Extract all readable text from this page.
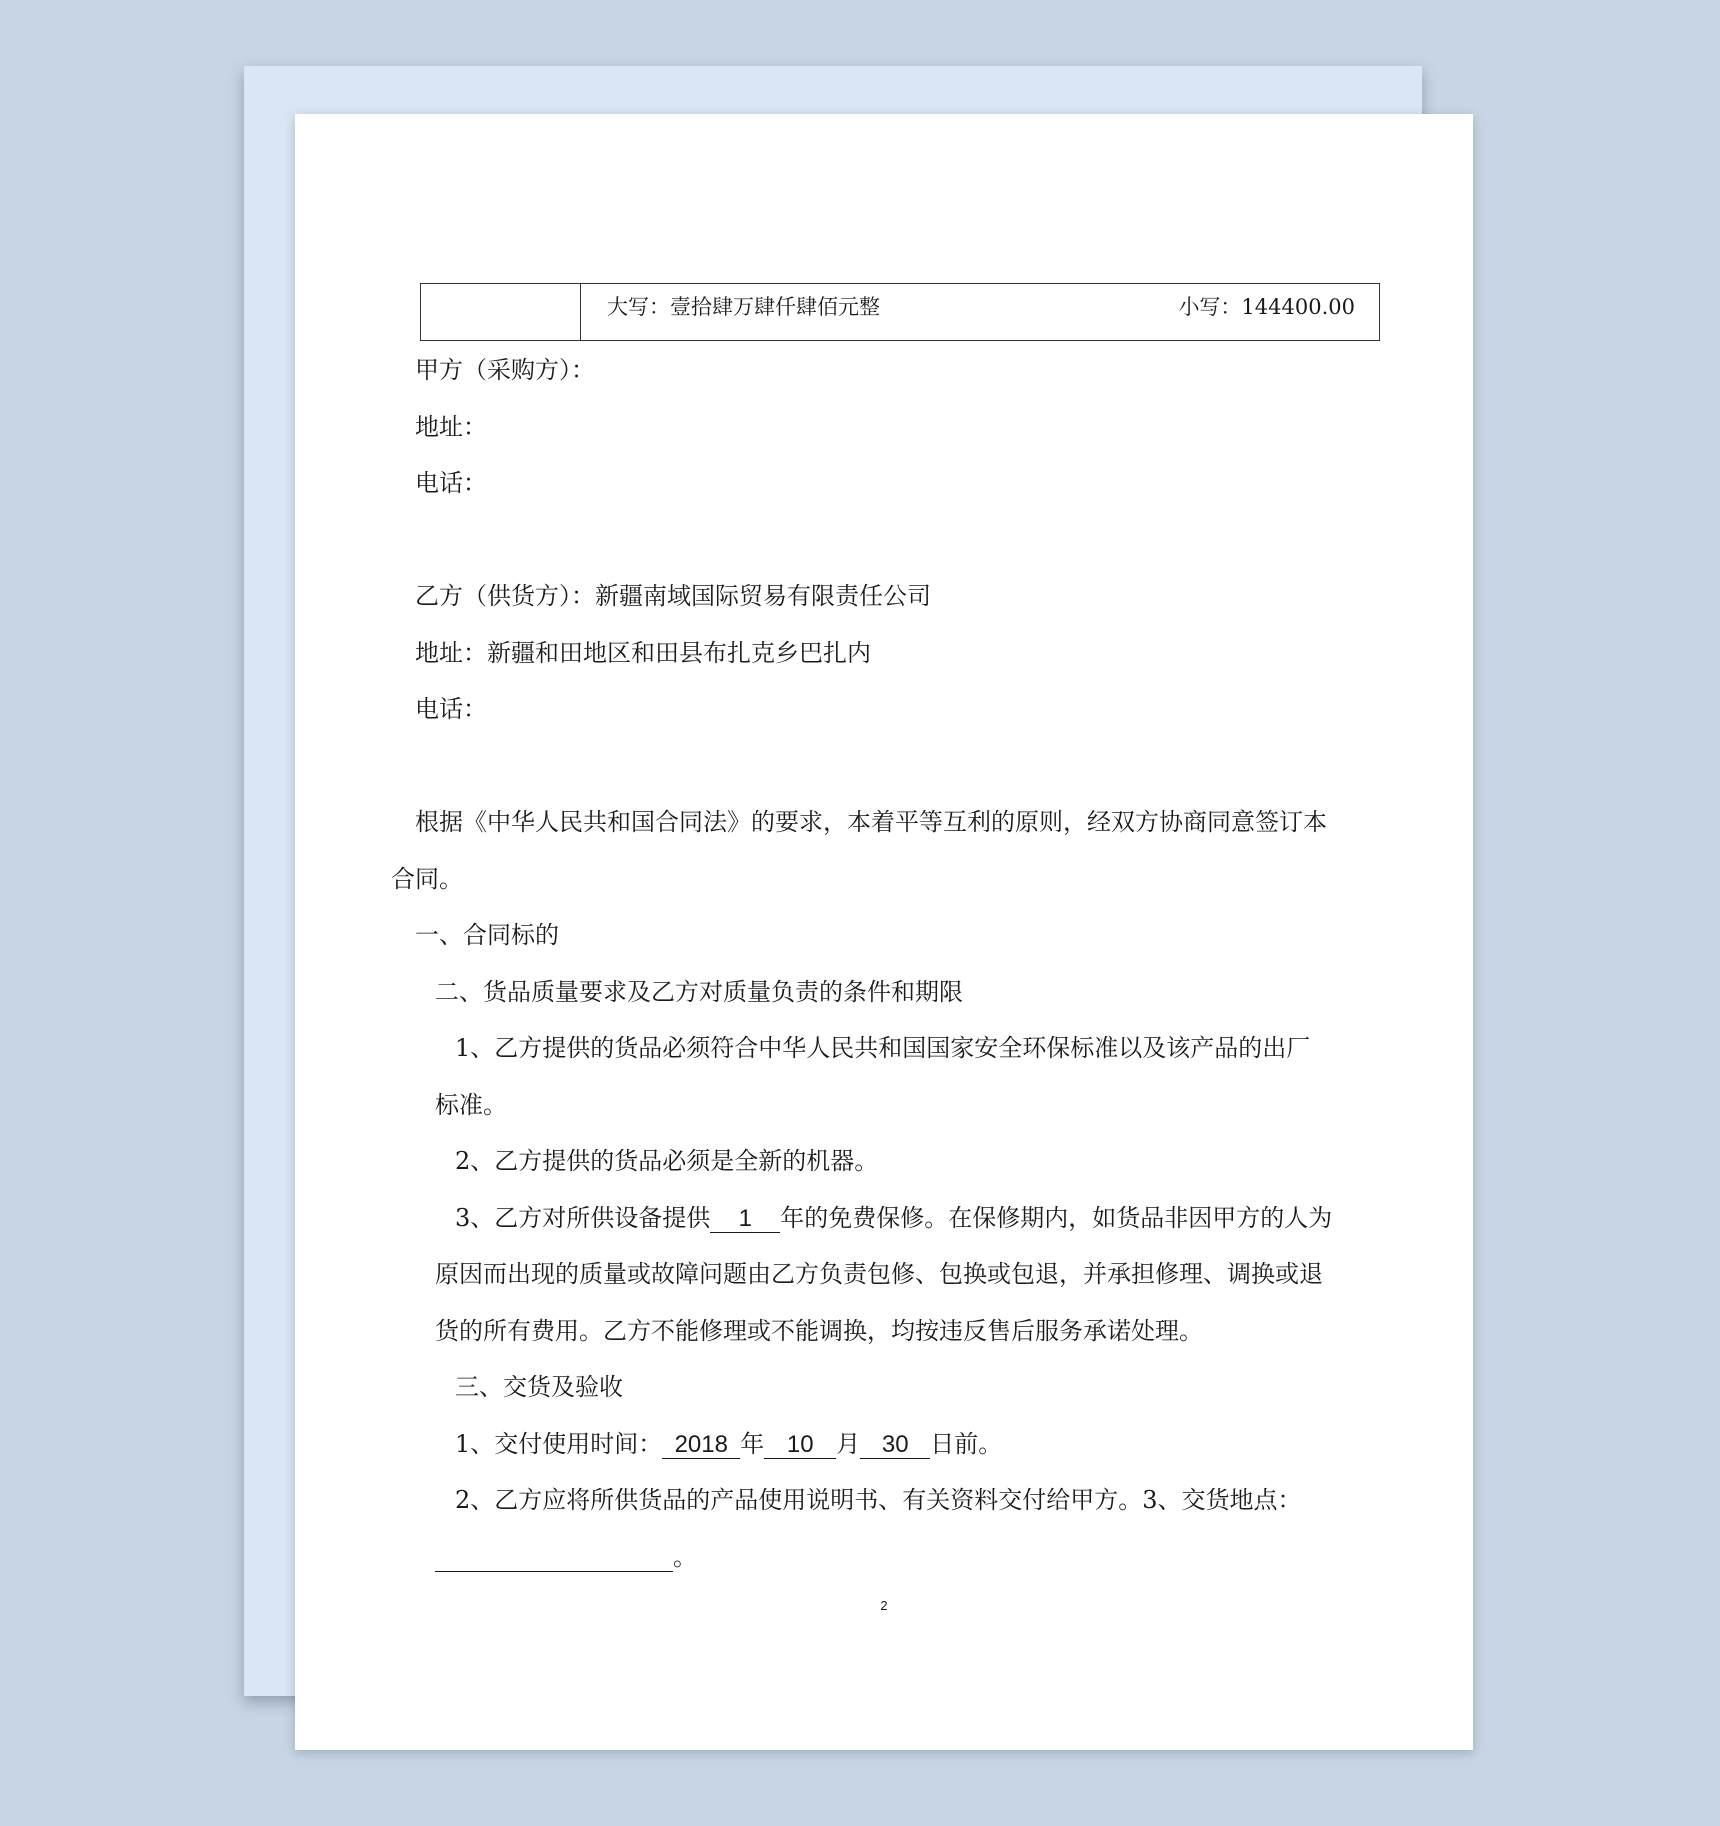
大写：壹拾肆万肆仟肆佰元整	小写：144400.00
甲方（采购方）：
地址：
电话：
乙方（供货方）：新疆南域国际贸易有限责任公司
地址：新疆和田地区和田县布扎克乡巴扎内
电话：
根据《中华人民共和国合同法》的要求，本着平等互利的原则，经双方协商同意签订本
合同。
一、合同标的
二、货品质量要求及乙方对质量负责的条件和期限
1、乙方提供的货品必须符合中华人民共和国国家安全环保标准以及该产品的出厂
标准。
2、乙方提供的货品必须是全新的机器。
3、乙方对所供设备提供 1 年的免费保修。在保修期内，如货品非因甲方的人为
原因而出现的质量或故障问题由乙方负责包修、包换或包退，并承担修理、调换或退
货的所有费用。乙方不能修理或不能调换，均按违反售后服务承诺处理。
三、交货及验收
1、交付使用时间： 2018 年 10 月 30 日前。
2、乙方应将所供货品的产品使用说明书、有关资料交付给甲方。3、交货地点：
。
2
